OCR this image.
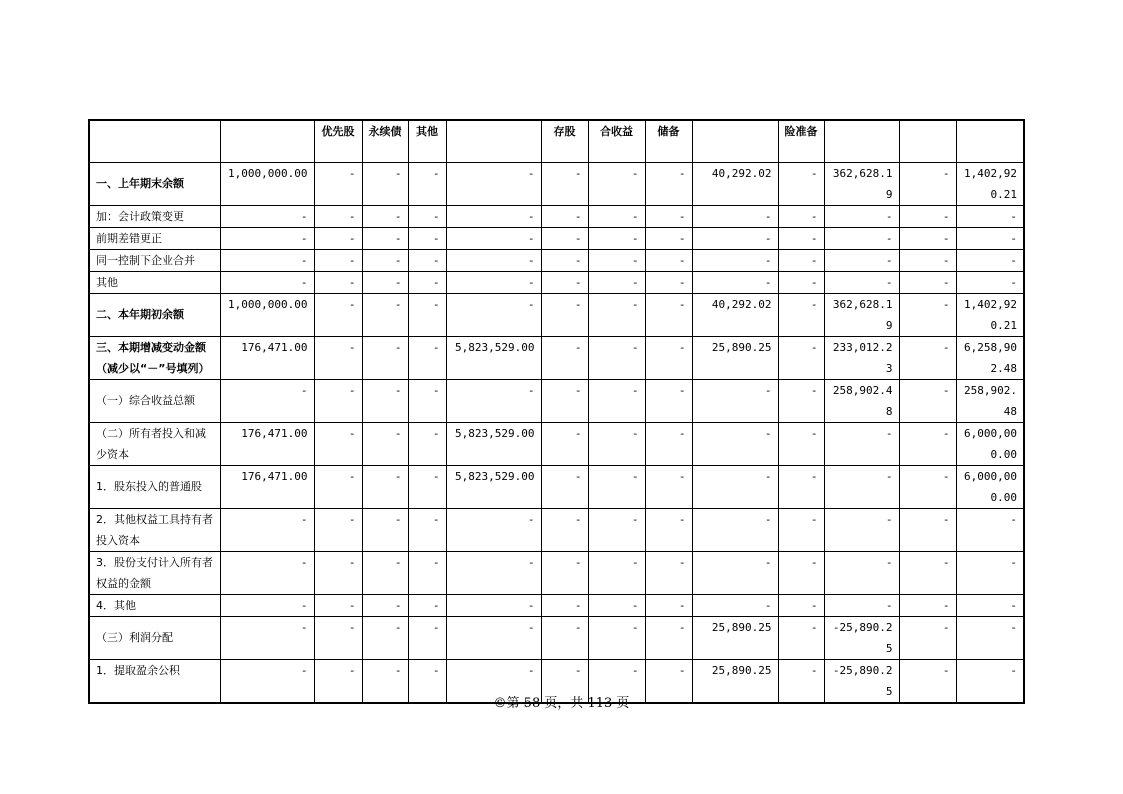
		优先股	永续债	其他		存股	合收益	储备		险准备			
一、上年期末余额	1,000,000.00	-	-	-	-	-	-	-	40,292.02	-	362,628.19	-	1,402,920.21
加：会计政策变更	-	-	-	-	-	-	-	-	-	-	-	-	-
前期差错更正	-	-	-	-	-	-	-	-	-	-	-	-	-
同一控制下企业合并	-	-	-	-	-	-	-	-	-	-	-	-	-
其他	-	-	-	-	-	-	-	-	-	-	-	-	-
二、本年期初余额	1,000,000.00	-	-	-	-	-	-	-	40,292.02	-	362,628.19	-	1,402,920.21
三、本期增减变动金额（减少以“－”号填列）	176,471.00	-	-	-	5,823,529.00	-	-	-	25,890.25	-	233,012.23	-	6,258,902.48
（一）综合收益总额	-	-	-	-	-	-	-	-	-	-	258,902.48	-	258,902.48
（二）所有者投入和减少资本	176,471.00	-	-	-	5,823,529.00	-	-	-	-	-	-	-	6,000,000.00
1．股东投入的普通股	176,471.00	-	-	-	5,823,529.00	-	-	-	-	-	-	-	6,000,000.00
2．其他权益工具持有者投入资本	-	-	-	-	-	-	-	-	-	-	-	-	-
3．股份支付计入所有者权益的金额	-	-	-	-	-	-	-	-	-	-	-	-	-
4．其他	-	-	-	-	-	-	-	-	-	-	-	-	-
（三）利润分配	-	-	-	-	-	-	-	-	25,890.25	-	-25,890.25	-	-
1．提取盈余公积	-	-	-	-	-	-	-	-	25,890.25	-	-25,890.25	-	-
©第 58 页，共 113 页
